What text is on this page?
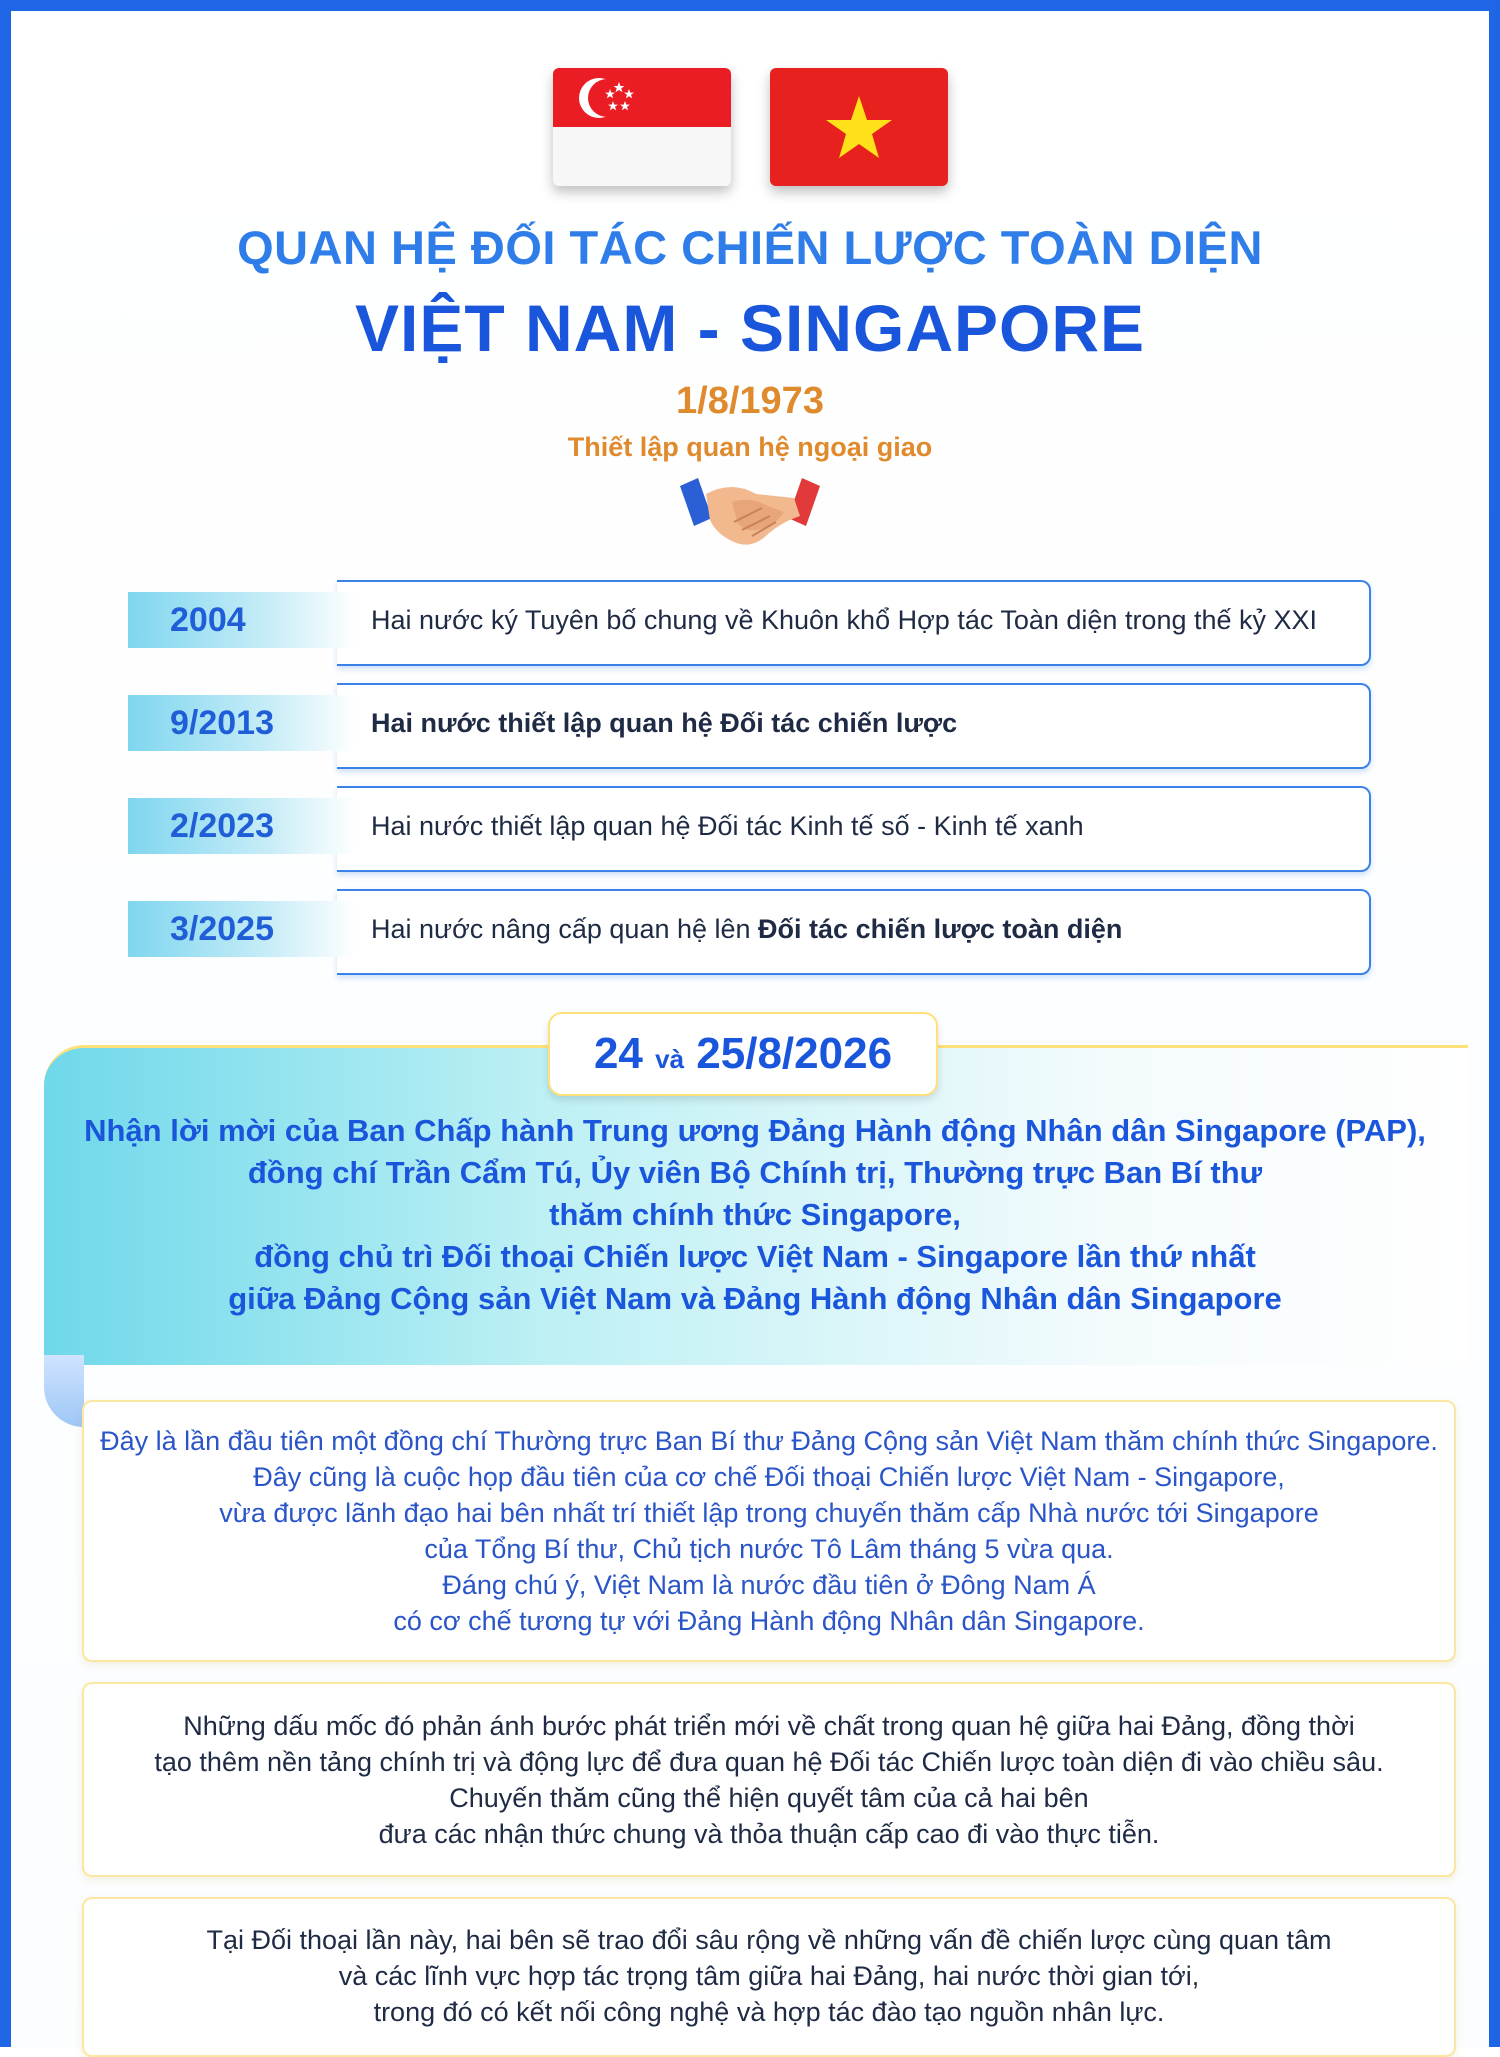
QUAN HỆ ĐỐI TÁC CHIẾN LƯỢC TOÀN DIỆN
VIỆT NAM - SINGAPORE
1/8/1973
Thiết lập quan hệ ngoại giao
2004	Hai nước ký Tuyên bố chung về Khuôn khổ Hợp tác Toàn diện trong thế kỷ XXI
9/2013	Hai nước thiết lập quan hệ Đối tác chiến lược
2/2023	Hai nước thiết lập quan hệ Đối tác Kinh tế số - Kinh tế xanh
3/2025	Hai nước nâng cấp quan hệ lên Đối tác chiến lược toàn diện
24 và 25/8/2026
Nhận lời mời của Ban Chấp hành Trung ương Đảng Hành động Nhân dân Singapore (PAP),
đồng chí Trần Cẩm Tú, Ủy viên Bộ Chính trị, Thường trực Ban Bí thư
thăm chính thức Singapore,
đồng chủ trì Đối thoại Chiến lược Việt Nam - Singapore lần thứ nhất
giữa Đảng Cộng sản Việt Nam và Đảng Hành động Nhân dân Singapore
Đây là lần đầu tiên một đồng chí Thường trực Ban Bí thư Đảng Cộng sản Việt Nam thăm chính thức Singapore.
Đây cũng là cuộc họp đầu tiên của cơ chế Đối thoại Chiến lược Việt Nam - Singapore,
vừa được lãnh đạo hai bên nhất trí thiết lập trong chuyến thăm cấp Nhà nước tới Singapore
của Tổng Bí thư, Chủ tịch nước Tô Lâm tháng 5 vừa qua.
Đáng chú ý, Việt Nam là nước đầu tiên ở Đông Nam Á
có cơ chế tương tự với Đảng Hành động Nhân dân Singapore.
Những dấu mốc đó phản ánh bước phát triển mới về chất trong quan hệ giữa hai Đảng, đồng thời
tạo thêm nền tảng chính trị và động lực để đưa quan hệ Đối tác Chiến lược toàn diện đi vào chiều sâu.
Chuyến thăm cũng thể hiện quyết tâm của cả hai bên
đưa các nhận thức chung và thỏa thuận cấp cao đi vào thực tiễn.
Tại Đối thoại lần này, hai bên sẽ trao đổi sâu rộng về những vấn đề chiến lược cùng quan tâm
và các lĩnh vực hợp tác trọng tâm giữa hai Đảng, hai nước thời gian tới,
trong đó có kết nối công nghệ và hợp tác đào tạo nguồn nhân lực.
